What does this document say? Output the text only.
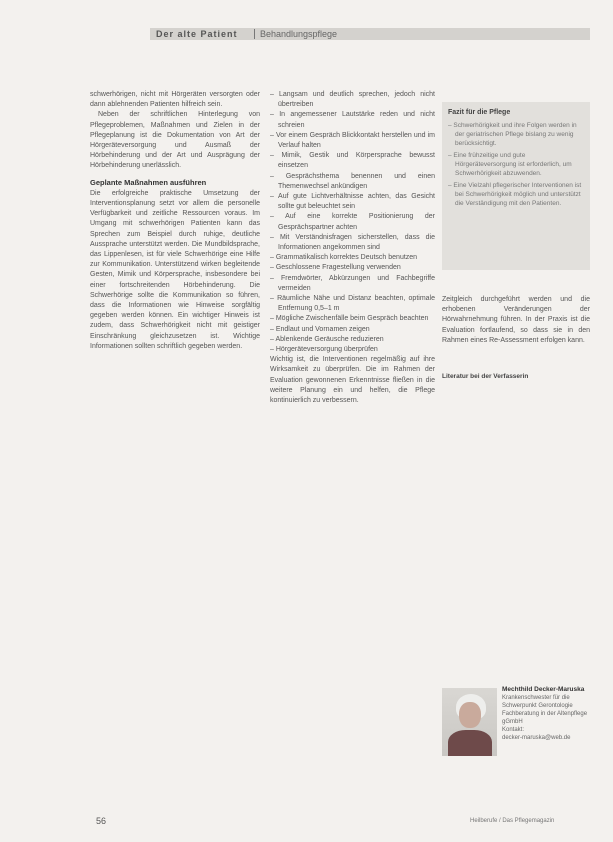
Der alte Patient Behandlungspflege

schwerhörigen, nicht mit Hörgeräten versorgten oder dann ablehnenden Patienten hilfreich sein.

Neben der schriftlichen Hinterlegung von Pflegeproblemen, Maßnahmen und Zielen in der Pflegeplanung ist die Dokumentation von Art der Hörgeräteversorgung und Ausmaß der Hörbehinderung und der Art und Ausprägung der Hörbehinderung unerlässlich.

Geplante Maßnahmen ausführen

Die erfolgreiche praktische Umsetzung der Interventionsplanung setzt vor allem die personelle Verfügbarkeit und zeitliche Ressourcen voraus. Im Umgang mit schwerhörigen Patienten kann das Sprechen zum Beispiel durch ruhige, deutliche Aussprache unterstützt werden. Die Mundbildsprache, das Lippenlesen, ist für viele Schwerhörige eine Hilfe zur Kommunikation. Unterstützend wirken begleitende Gesten, Mimik und Körpersprache, insbesondere bei einer fortschreitenden Hörbehinderung. Die Schwerhörige sollte die Kommunikation so führen, dass die Informationen wie Hinweise sorgfältig gegeben werden können. Ein wichtiger Hinweis ist zudem, dass Schwerhörigkeit nicht mit geistiger Einschränkung gleichzusetzen ist. Wichtige Informationen sollten schriftlich gegeben werden.

– Langsam und deutlich sprechen, jedoch nicht übertreiben
– In angemessener Lautstärke reden und nicht schreien
– Vor einem Gespräch Blickkontakt herstellen und im Verlauf halten
– Mimik, Gestik und Körpersprache bewusst einsetzen
– Gesprächsthema benennen und einen Themenwechsel ankündigen
– Auf gute Lichtverhältnisse achten, das Gesicht sollte gut beleuchtet sein
– Auf eine korrekte Positionierung der Gesprächspartner achten
– Mit Verständnisfragen sicherstellen, dass die Informationen angekommen sind
– Grammatikalisch korrektes Deutsch benutzen
– Geschlossene Fragestellung verwenden
– Fremdwörter, Abkürzungen und Fachbegriffe vermeiden
– Räumliche Nähe und Distanz beachten, optimale Entfernung 0,5–1 m
– Mögliche Zwischenfälle beim Gespräch beachten
– Endlaut und Vornamen zeigen
– Ablenkende Geräusche reduzieren
– Hörgeräteversorgung überprüfen

Wichtig ist, die Interventionen regelmäßig auf ihre Wirksamkeit zu überprüfen. Die im Rahmen der Evaluation gewonnenen Erkenntnisse fließen in die weitere Planung ein und helfen, die Pflege kontinuierlich zu verbessern.

Fazit für die Pflege
– Schwerhörigkeit und ihre Folgen werden in der geriatrischen Pflege bislang zu wenig berücksichtigt.
– Eine frühzeitige und gute Hörgeräteversorgung ist erforderlich, um Schwerhörigkeit abzuwenden.
– Eine Vielzahl pflegerischer Interventionen ist bei Schwerhörigkeit möglich und unterstützt die Verständigung mit den Patienten.

Zeitgleich durchgeführt werden und die erhobenen Veränderungen der Hörwahrnehmung führen. In der Praxis ist die Evaluation fortlaufend, so dass sie in den Rahmen eines Re-Assessment erfolgen kann.

Literatur bei der Verfasserin

Mechthild Decker-Maruska

Krankenschwester für die Schwerpunkt Gerontologie

Fachberatung in der Altenpflege

gGmbH

Kontakt:

decker-maruska@web.de

56	Heilberufe / Das Pflegemagazin
